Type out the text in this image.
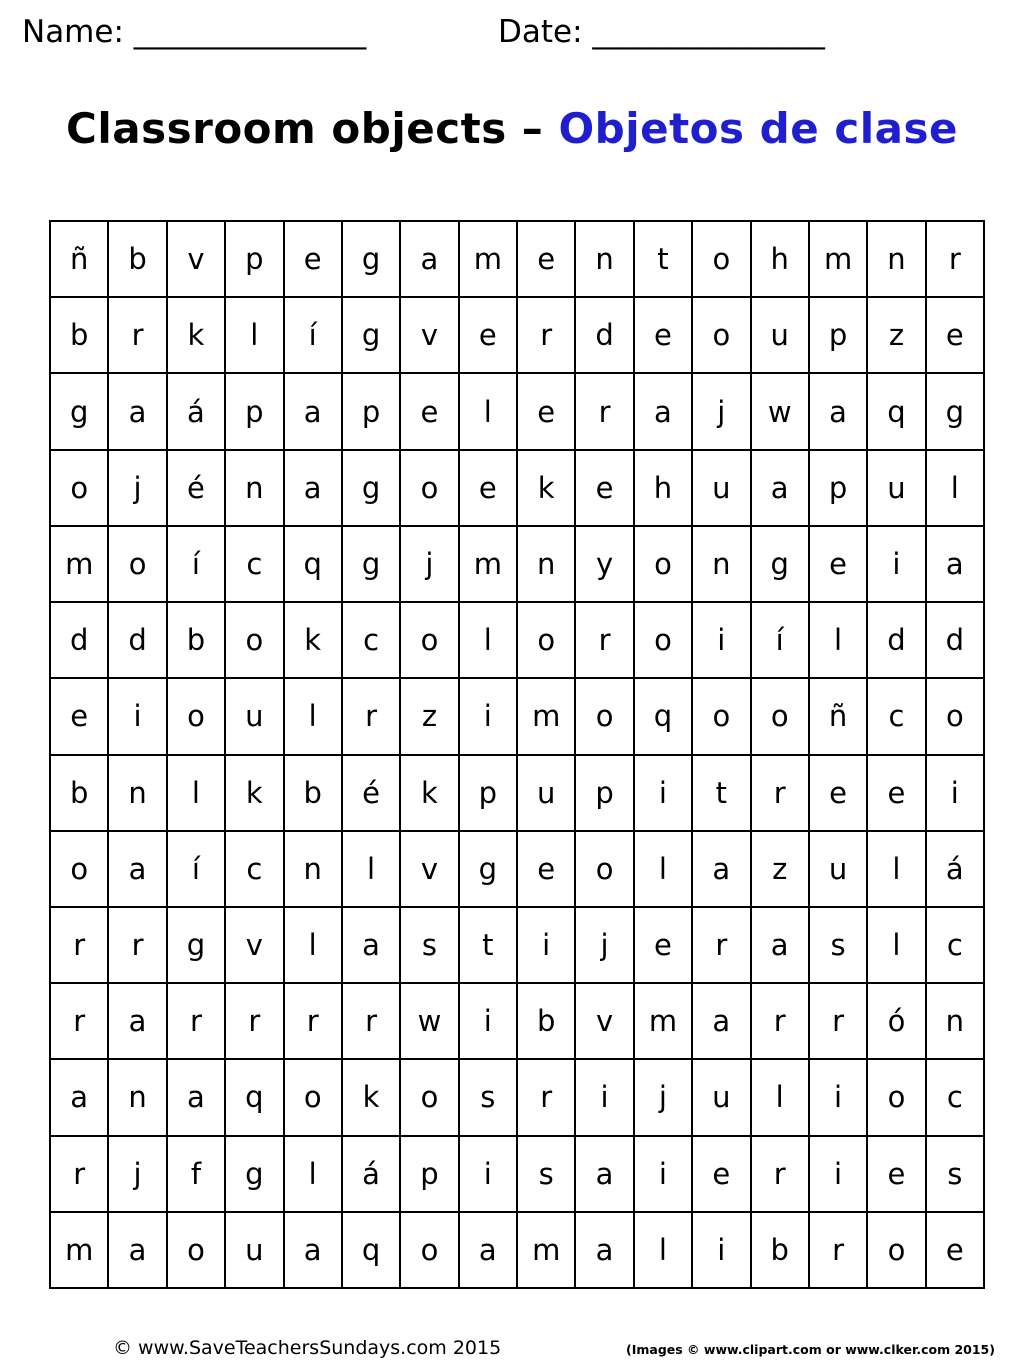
Name: _______________	Date: _______________
Classroom objects – Objetos de clase
ñ	b	v	p	e	g	a	m	e	n	t	o	h	m	n	r
b	r	k	l	í	g	v	e	r	d	e	o	u	p	z	e
g	a	á	p	a	p	e	l	e	r	a	j	w	a	q	g
o	j	é	n	a	g	o	e	k	e	h	u	a	p	u	l
m	o	í	c	q	g	j	m	n	y	o	n	g	e	i	a
d	d	b	o	k	c	o	l	o	r	o	i	í	l	d	d
e	i	o	u	l	r	z	i	m	o	q	o	o	ñ	c	o
b	n	l	k	b	é	k	p	u	p	i	t	r	e	e	i
o	a	í	c	n	l	v	g	e	o	l	a	z	u	l	á
r	r	g	v	l	a	s	t	i	j	e	r	a	s	l	c
r	a	r	r	r	r	w	i	b	v	m	a	r	r	ó	n
a	n	a	q	o	k	o	s	r	i	j	u	l	i	o	c
r	j	f	g	l	á	p	i	s	a	i	e	r	i	e	s
m	a	o	u	a	q	o	a	m	a	l	i	b	r	o	e
© www.SaveTeachersSundays.com 2015	(Images © www.clipart.com or www.clker.com 2015)
